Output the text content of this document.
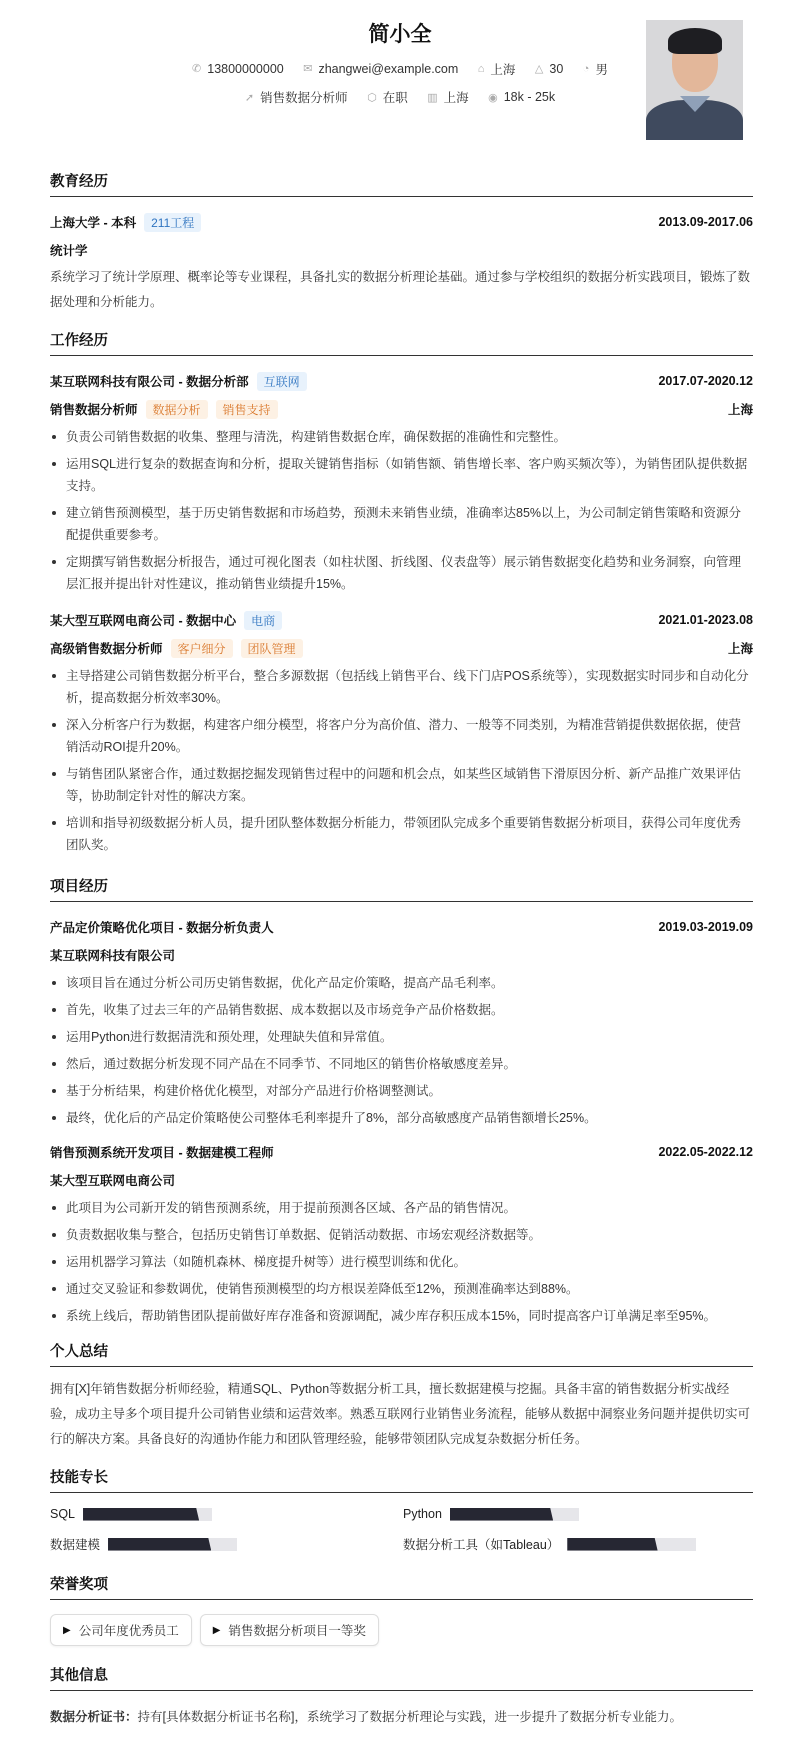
简小全
✆ 13800000000
✉ zhangwei@example.com
⌂ 上海
△ 30
◔ 男
➚ 销售数据分析师
⬡ 在职
▥ 上海
◉ 18k - 25k
教育经历
上海大学 - 本科	211工程	2013.09-2017.06
统计学
系统学习了统计学原理、概率论等专业课程，具备扎实的数据分析理论基础。通过参与学校组织的数据分析实践项目，锻炼了数据处理和分析能力。
工作经历
某互联网科技有限公司 - 数据分析部	互联网	2017.07-2020.12
销售数据分析师	数据分析	销售支持	上海
负责公司销售数据的收集、整理与清洗，构建销售数据仓库，确保数据的准确性和完整性。
运用SQL进行复杂的数据查询和分析，提取关键销售指标（如销售额、销售增长率、客户购买频次等），为销售团队提供数据支持。
建立销售预测模型，基于历史销售数据和市场趋势，预测未来销售业绩，准确率达85%以上，为公司制定销售策略和资源分配提供重要参考。
定期撰写销售数据分析报告，通过可视化图表（如柱状图、折线图、仪表盘等）展示销售数据变化趋势和业务洞察，向管理层汇报并提出针对性建议，推动销售业绩提升15%。
某大型互联网电商公司 - 数据中心	电商	2021.01-2023.08
高级销售数据分析师	客户细分	团队管理	上海
主导搭建公司销售数据分析平台，整合多源数据（包括线上销售平台、线下门店POS系统等），实现数据实时同步和自动化分析，提高数据分析效率30%。
深入分析客户行为数据，构建客户细分模型，将客户分为高价值、潜力、一般等不同类别，为精准营销提供数据依据，使营销活动ROI提升20%。
与销售团队紧密合作，通过数据挖掘发现销售过程中的问题和机会点，如某些区域销售下滑原因分析、新产品推广效果评估等，协助制定针对性的解决方案。
培训和指导初级数据分析人员，提升团队整体数据分析能力，带领团队完成多个重要销售数据分析项目，获得公司年度优秀团队奖。
项目经历
产品定价策略优化项目 - 数据分析负责人	2019.03-2019.09
某互联网科技有限公司
该项目旨在通过分析公司历史销售数据，优化产品定价策略，提高产品毛利率。
首先，收集了过去三年的产品销售数据、成本数据以及市场竞争产品价格数据。
运用Python进行数据清洗和预处理，处理缺失值和异常值。
然后，通过数据分析发现不同产品在不同季节、不同地区的销售价格敏感度差异。
基于分析结果，构建价格优化模型，对部分产品进行价格调整测试。
最终，优化后的产品定价策略使公司整体毛利率提升了8%，部分高敏感度产品销售额增长25%。
销售预测系统开发项目 - 数据建模工程师	2022.05-2022.12
某大型互联网电商公司
此项目为公司新开发的销售预测系统，用于提前预测各区域、各产品的销售情况。
负责数据收集与整合，包括历史销售订单数据、促销活动数据、市场宏观经济数据等。
运用机器学习算法（如随机森林、梯度提升树等）进行模型训练和优化。
通过交叉验证和参数调优，使销售预测模型的均方根误差降低至12%，预测准确率达到88%。
系统上线后，帮助销售团队提前做好库存准备和资源调配，减少库存积压成本15%，同时提高客户订单满足率至95%。
个人总结
拥有[X]年销售数据分析师经验，精通SQL、Python等数据分析工具，擅长数据建模与挖掘。具备丰富的销售数据分析实战经验，成功主导多个项目提升公司销售业绩和运营效率。熟悉互联网行业销售业务流程，能够从数据中洞察业务问题并提供切实可行的解决方案。具备良好的沟通协作能力和团队管理经验，能够带领团队完成复杂数据分析任务。
技能专长
SQL	Python
数据建模	数据分析工具（如Tableau）
荣誉奖项
▶ 公司年度优秀员工	▶ 销售数据分析项目一等奖
其他信息
数据分析证书：持有[具体数据分析证书名称]，系统学习了数据分析理论与实践，进一步提升了数据分析专业能力。
